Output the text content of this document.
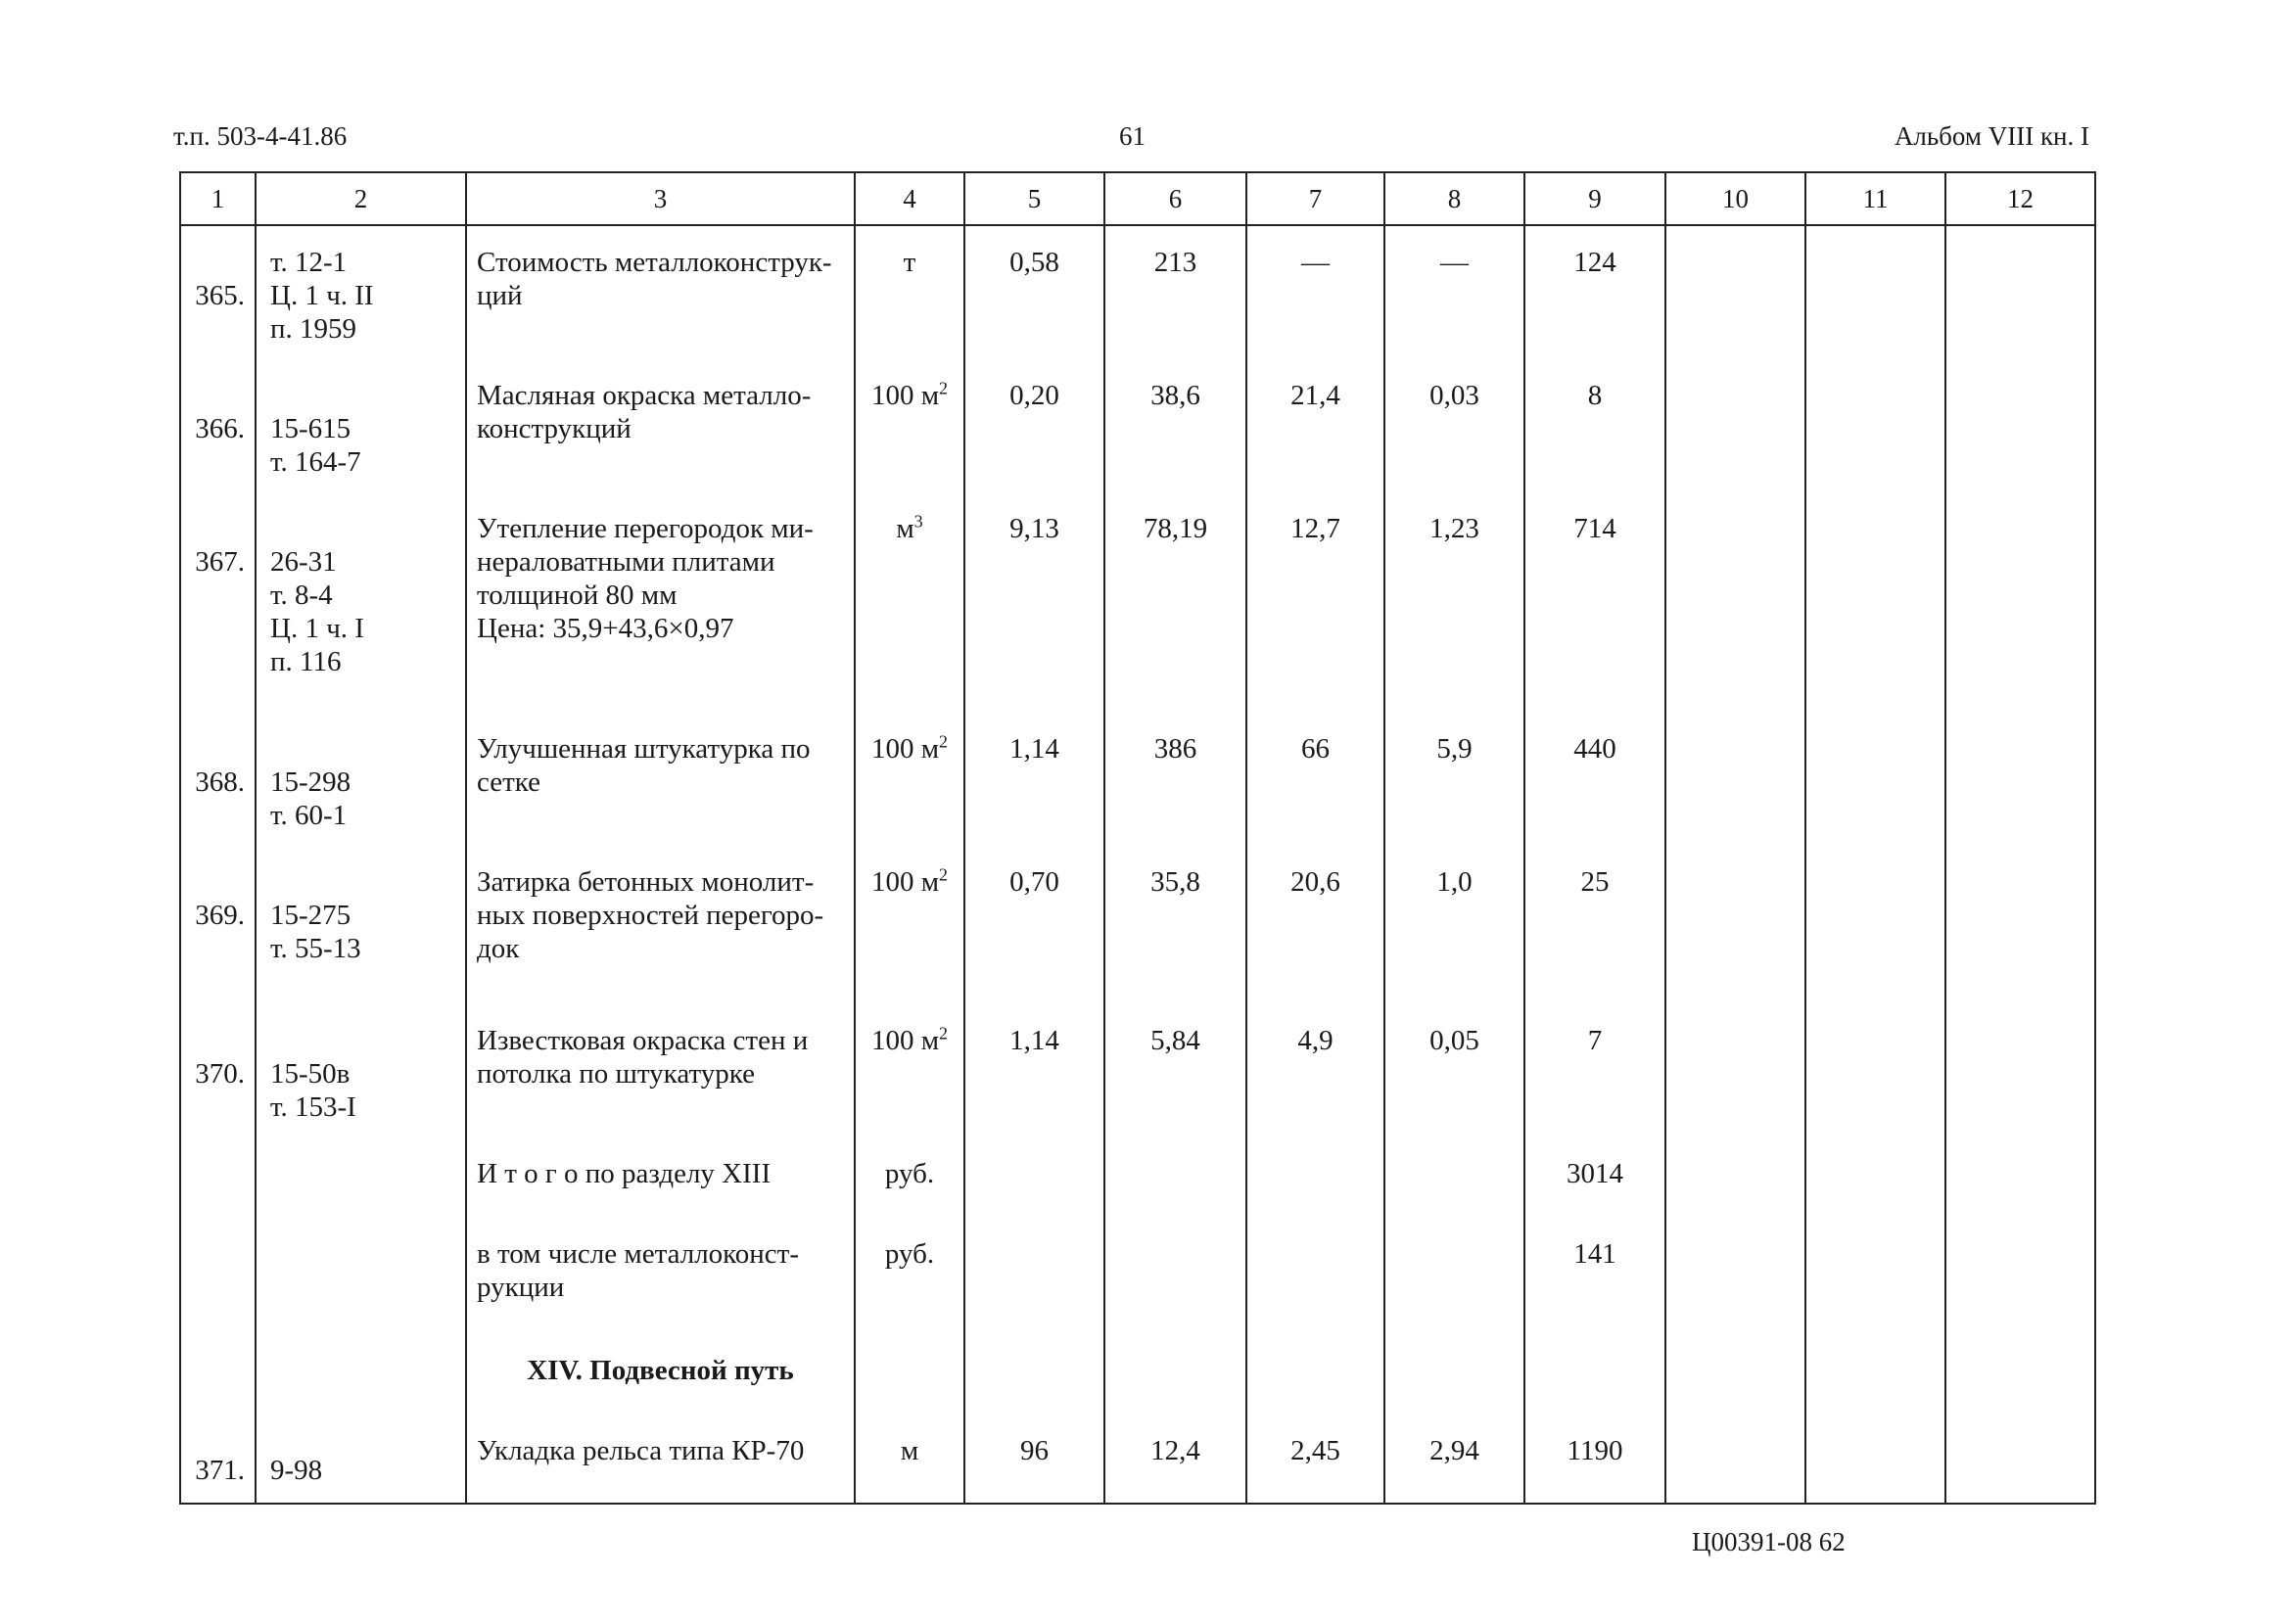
т.п. 503-4-41.86	61	Альбом VIII кн. I
1	2	3	4	5	6	7	8	9	10	11	12

365.	т. 12-1
Ц. 1 ч. II
п. 1959	Стоимость металлоконструк-
ций	т	0,58	213	—	—	124			

366.	15-615
т. 164-7	Масляная окраска металло-
конструкций	100 $м^2$	0,20	38,6	21,4	0,03	8			

367.	26-31
т. 8-4
Ц. 1 ч. I
п. 116	Утепление перегородок ми-
нераловатными плитами
толщиной 80 мм
Цена: 35,9+43,6×0,97	$м^3$	9,13	78,19	12,7	1,23	714			

368.	15-298
т. 60-1	Улучшенная штукатурка по
сетке	100 $м^2$	1,14	386	66	5,9	440			

369.	15-275
т. 55-13	Затирка бетонных монолит-
ных поверхностей перегоро-
док	100 $м^2$	0,70	35,8	20,6	1,0	25			

370.	15-50в
т. 153-I	Известковая окраска стен и
потолка по штукатурке	100 $м^2$	1,14	5,84	4,9	0,05	7			

		И т о г о по разделу XIII	руб.					3014			

		в том числе металлоконст-
рукции	руб.					141			

		XIV. Подвесной путь									

371.	9-98	Укладка рельса типа КР-70	м	96	12,4	2,45	2,94	1190			

Ц00391-08 62
